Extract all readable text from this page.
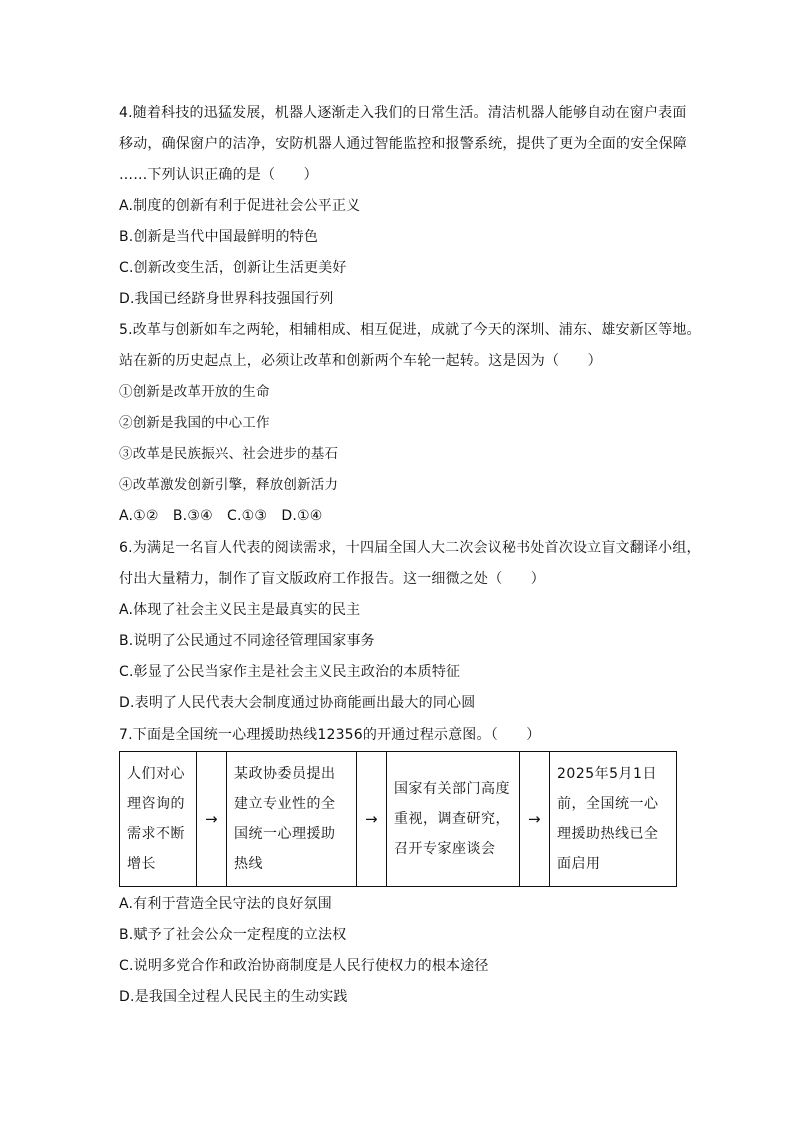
4.随着科技的迅猛发展，机器人逐渐走入我们的日常生活。清洁机器人能够自动在窗户表面
移动，确保窗户的洁净，安防机器人通过智能监控和报警系统，提供了更为全面的安全保障
……下列认识正确的是（　　）
A.制度的创新有利于促进社会公平正义
B.创新是当代中国最鲜明的特色
C.创新改变生活，创新让生活更美好
D.我国已经跻身世界科技强国行列
5.改革与创新如车之两轮，相辅相成、相互促进，成就了今天的深圳、浦东、雄安新区等地。
站在新的历史起点上，必须让改革和创新两个车轮一起转。这是因为（　　）
①创新是改革开放的生命
②创新是我国的中心工作
③改革是民族振兴、社会进步的基石
④改革激发创新引擎，释放创新活力
A.①②　B.③④　C.①③　D.①④
6.为满足一名盲人代表的阅读需求，十四届全国人大二次会议秘书处首次设立盲文翻译小组，
付出大量精力，制作了盲文版政府工作报告。这一细微之处（　　）
A.体现了社会主义民主是最真实的民主
B.说明了公民通过不同途径管理国家事务
C.彰显了公民当家作主是社会主义民主政治的本质特征
D.表明了人民代表大会制度通过协商能画出最大的同心圆
7.下面是全国统一心理援助热线12356的开通过程示意图。（　　）
人们对心理咨询的需求不断增长	→	某政协委员提出建立专业性的全国统一心理援助热线	→	国家有关部门高度重视，调查研究，召开专家座谈会	→	2025年5月1日前，全国统一心理援助热线已全面启用
A.有利于营造全民守法的良好氛围
B.赋予了社会公众一定程度的立法权
C.说明多党合作和政治协商制度是人民行使权力的根本途径
D.是我国全过程人民民主的生动实践
